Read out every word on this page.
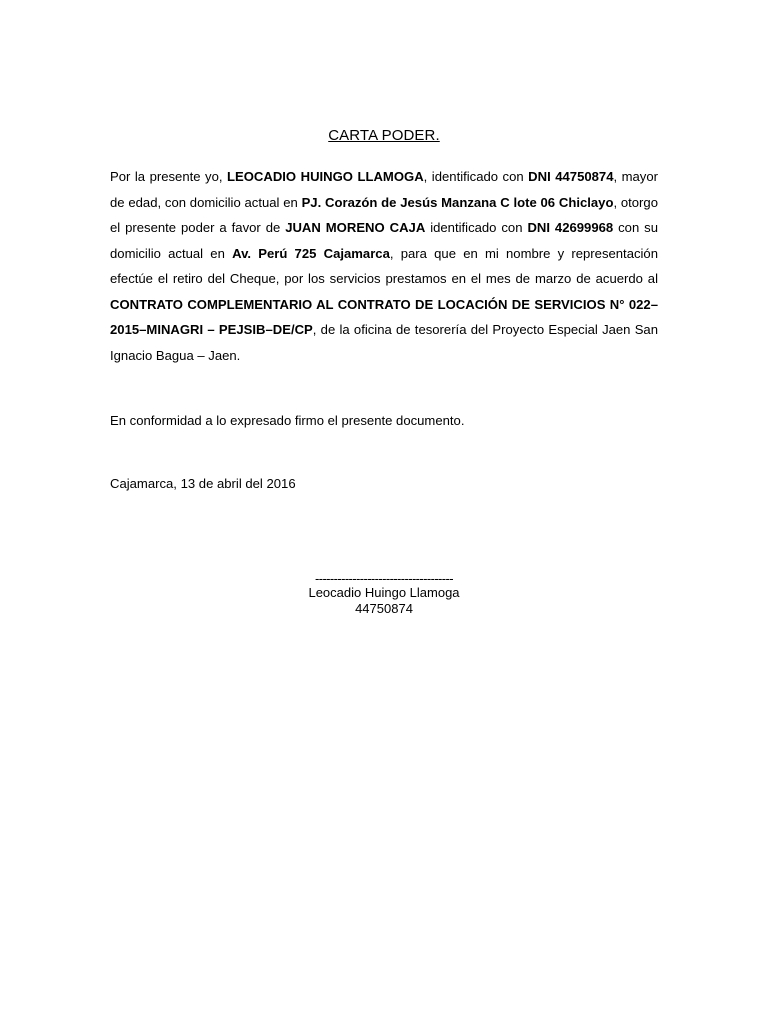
CARTA PODER.
Por la presente yo, LEOCADIO HUINGO LLAMOGA, identificado con DNI 44750874, mayor de edad, con domicilio actual en PJ. Corazón de Jesús Manzana C lote 06 Chiclayo, otorgo el presente poder a favor de JUAN MORENO CAJA identificado con DNI 42699968 con su domicilio actual en Av. Perú 725 Cajamarca, para que en mi nombre y representación efectúe el retiro del Cheque, por los servicios prestamos en el mes de marzo de acuerdo al CONTRATO COMPLEMENTARIO AL CONTRATO DE LOCACIÓN DE SERVICIOS N° 022–2015–MINAGRI – PEJSIB–DE/CP, de la oficina de tesorería del Proyecto Especial Jaen San Ignacio Bagua – Jaen.
En conformidad a lo expresado firmo el presente documento.
Cajamarca, 13 de abril del 2016
-------------------------------------
Leocadio Huingo Llamoga
44750874
